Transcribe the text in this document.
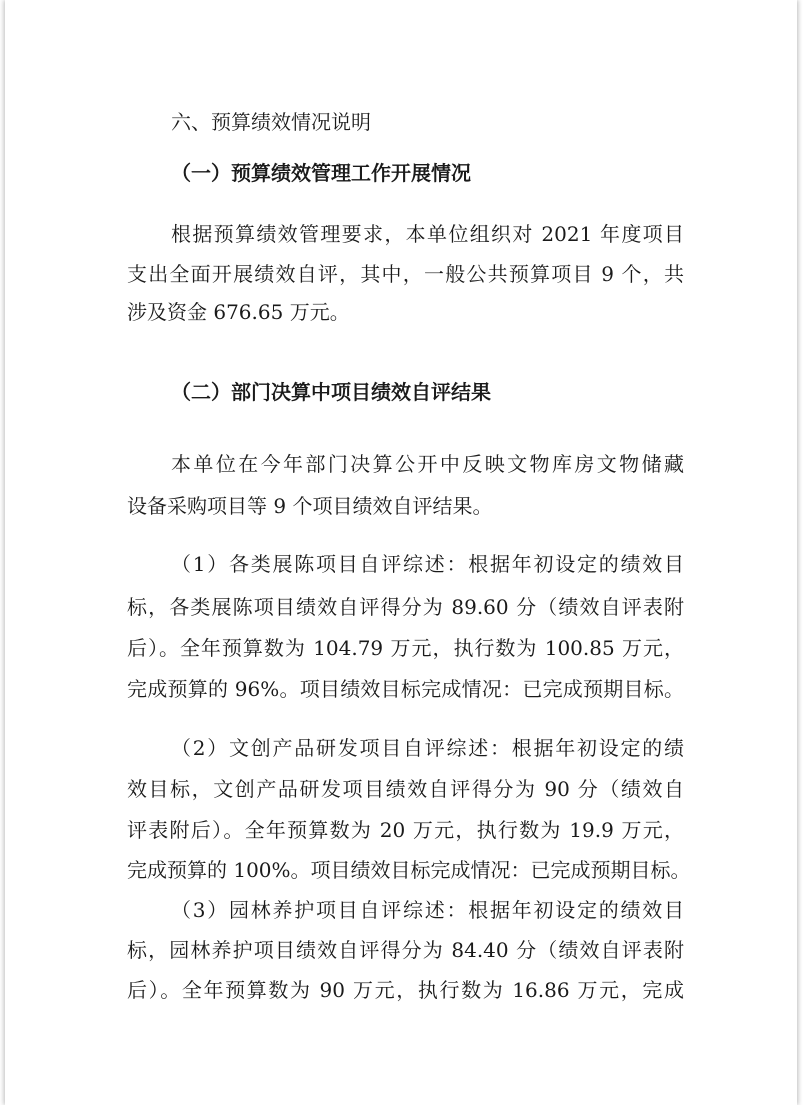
六、预算绩效情况说明
（一）预算绩效管理工作开展情况
根据预算绩效管理要求，本单位组织对 2021 年度项目
支出全面开展绩效自评，其中，一般公共预算项目 9 个，共
涉及资金 676.65 万元。
（二）部门决算中项目绩效自评结果
本单位在今年部门决算公开中反映文物库房文物储藏
设备采购项目等 9 个项目绩效自评结果。
（1）各类展陈项目自评综述：根据年初设定的绩效目
标，各类展陈项目绩效自评得分为 89.60 分（绩效自评表附
后）。全年预算数为 104.79 万元，执行数为 100.85 万元，
完成预算的 96%。项目绩效目标完成情况：已完成预期目标。
（2）文创产品研发项目自评综述：根据年初设定的绩
效目标，文创产品研发项目绩效自评得分为 90 分（绩效自
评表附后）。全年预算数为 20 万元，执行数为 19.9 万元，
完成预算的 100%。项目绩效目标完成情况：已完成预期目标。
（3）园林养护项目自评综述：根据年初设定的绩效目
标，园林养护项目绩效自评得分为 84.40 分（绩效自评表附
后）。全年预算数为 90 万元，执行数为 16.86 万元，完成
